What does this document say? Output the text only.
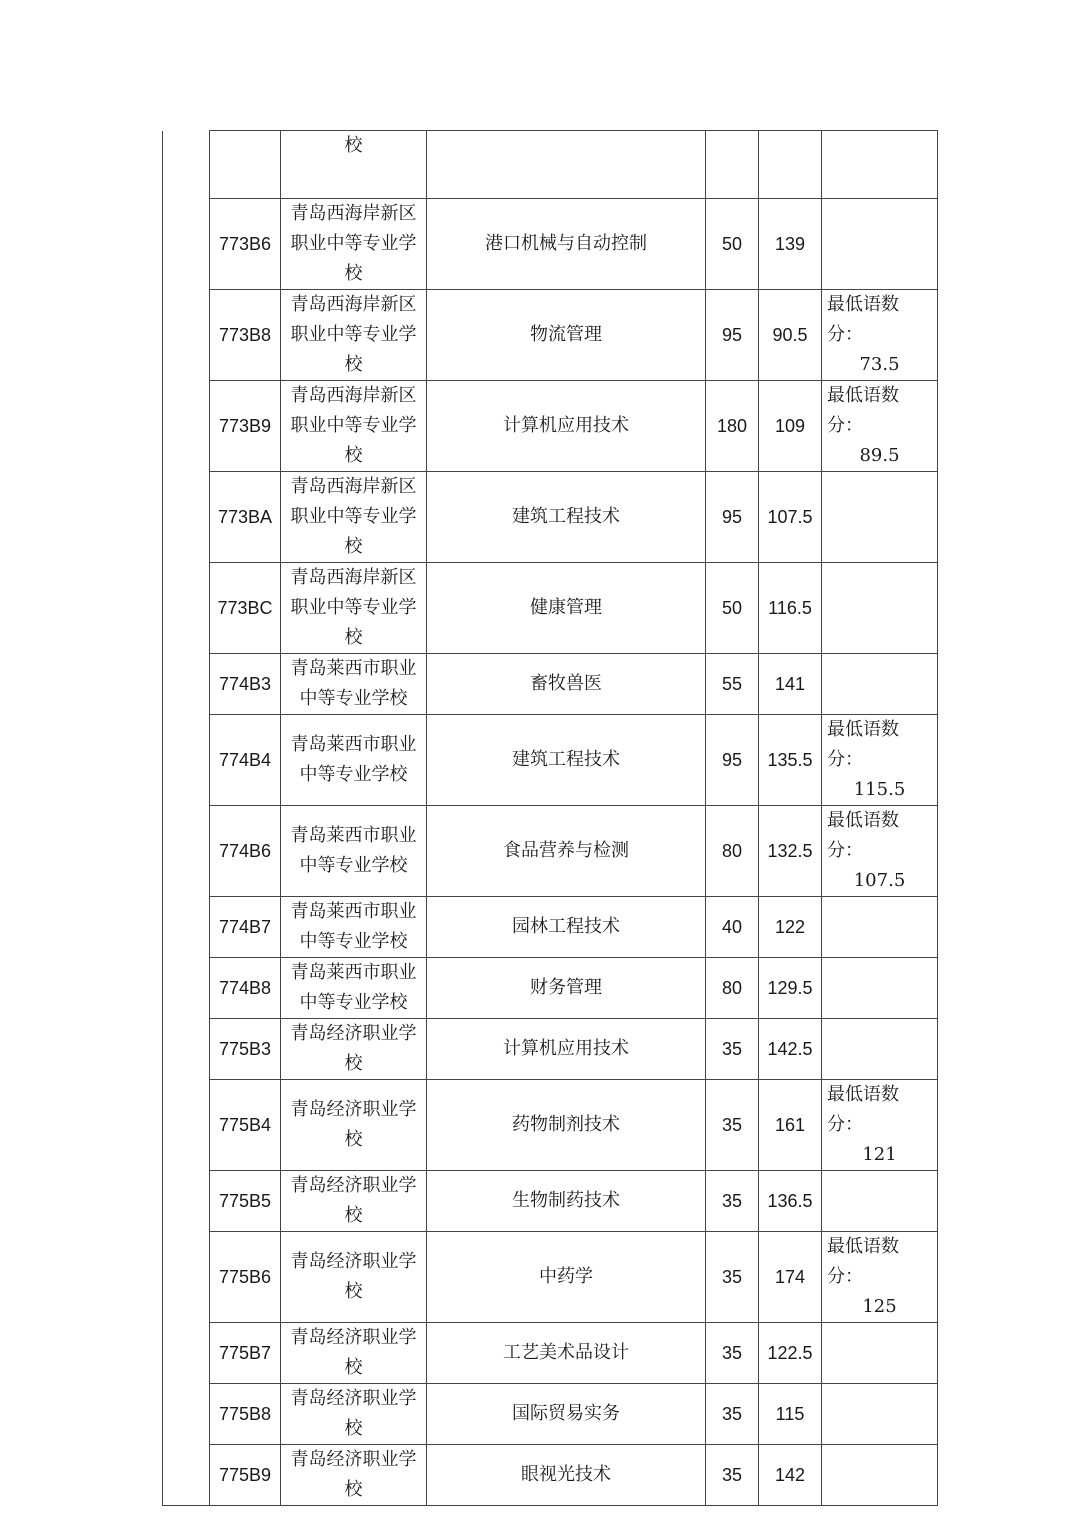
		校				

	773B6	青岛西海岸新区职业中等专业学校	港口机械与自动控制	50	139	

	773B8	青岛西海岸新区职业中等专业学校	物流管理	95	90.5	最低语数分：
73.5

	773B9	青岛西海岸新区职业中等专业学校	计算机应用技术	180	109	最低语数分：
89.5

	773BA	青岛西海岸新区职业中等专业学校	建筑工程技术	95	107.5	

	773BC	青岛西海岸新区职业中等专业学校	健康管理	50	116.5	

	774B3	青岛莱西市职业中等专业学校	畜牧兽医	55	141	

	774B4	青岛莱西市职业中等专业学校	建筑工程技术	95	135.5	最低语数分：
115.5

	774B6	青岛莱西市职业中等专业学校	食品营养与检测	80	132.5	最低语数分：
107.5

	774B7	青岛莱西市职业中等专业学校	园林工程技术	40	122	

	774B8	青岛莱西市职业中等专业学校	财务管理	80	129.5	

	775B3	青岛经济职业学校	计算机应用技术	35	142.5	

	775B4	青岛经济职业学校	药物制剂技术	35	161	最低语数分：
121

	775B5	青岛经济职业学校	生物制药技术	35	136.5	

	775B6	青岛经济职业学校	中药学	35	174	最低语数分：
125

	775B7	青岛经济职业学校	工艺美术品设计	35	122.5	

	775B8	青岛经济职业学校	国际贸易实务	35	115	

	775B9	青岛经济职业学校	眼视光技术	35	142	
